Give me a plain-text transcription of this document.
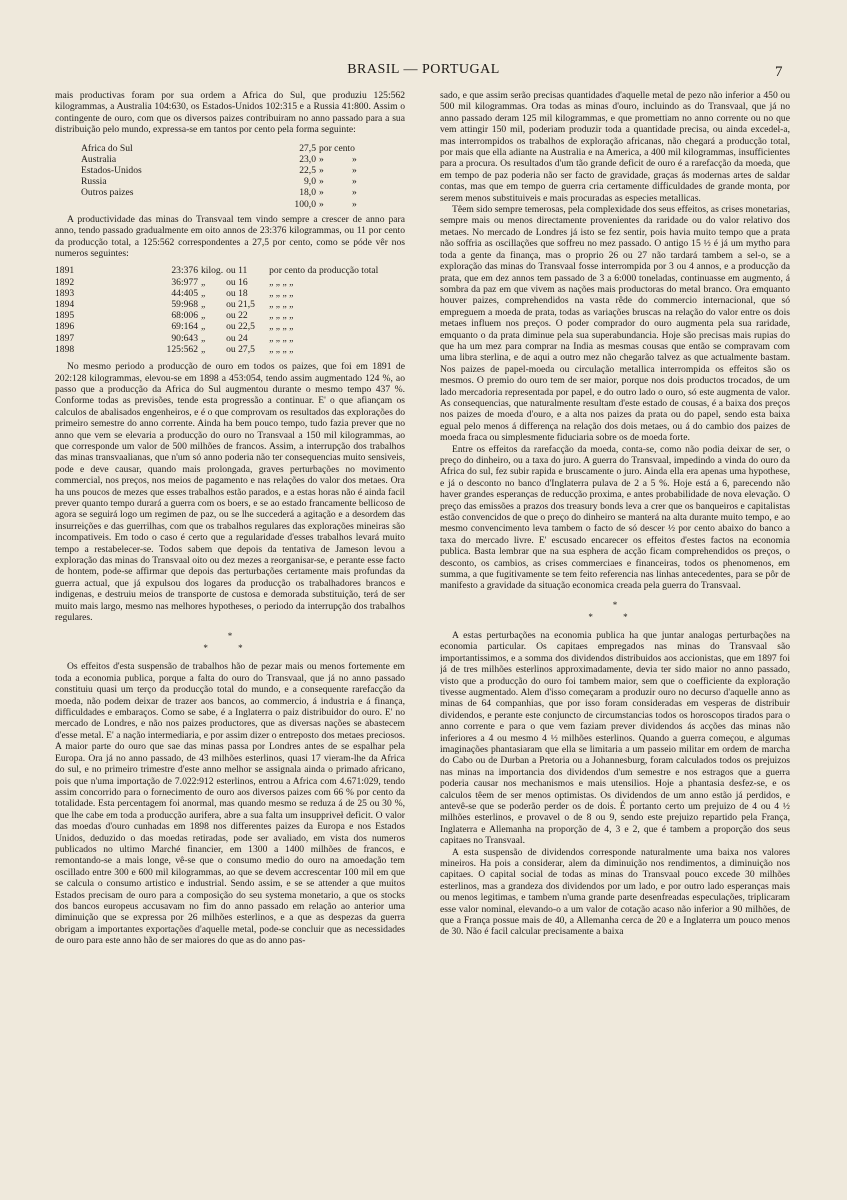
BRASIL — PORTUGAL	7

mais productivas foram por sua ordem a Africa do Sul, que produziu 125:562 kilogrammas, a Australia 104:630, os Estados-Unidos 102:315 e a Russia 41:800. Assim o contingente de ouro, com que os diversos paizes contribuiram no anno passado para a sua distribuição pelo mundo, expressa-se em tantos por cento pela forma seguinte:

Africa do Sul	27,5	por cento	
Australia	23,0	»	»
Estados-Unidos	22,5	»	»
Russia	9,0	»	»
Outros paizes	18,0	»	»
	100,0	»	»

A productividade das minas do Transvaal tem vindo sempre a crescer de anno para anno, tendo passado gradualmente em oito annos de 23:376 kilogrammas, ou 11 por cento da producção total, a 125:562 correspondentes a 27,5 por cento, como se póde vêr nos numeros seguintes:

1891	23:376	kilog.	ou 11	por cento da producção total
1892	36:977	„	ou 16	„ „ „ „
1893	44:405	„	ou 18	„ „ „ „
1894	59:968	„	ou 21,5	„ „ „ „
1895	68:006	„	ou 22	„ „ „ „
1896	69:164	„	ou 22,5	„ „ „ „
1897	90:643	„	ou 24	„ „ „ „
1898	125:562	„	ou 27,5	„ „ „ „

No mesmo periodo a producção de ouro em todos os paizes, que foi em 1891 de 202:128 kilogrammas, elevou-se em 1898 a 453:054, tendo assim augmentado 124 %, ao passo que a producção da Africa do Sul augmentou durante o mesmo tempo 437 %. Conforme todas as previsões, tende esta progressão a continuar. E' o que afiançam os calculos de abalisados engenheiros, e é o que comprovam os resultados das explorações do primeiro semestre do anno corrente. Ainda ha bem pouco tempo, tudo fazia prever que no anno que vem se elevaria a producção do ouro no Transvaal a 150 mil kilogrammas, ao que corresponde um valor de 500 milhões de francos. Assim, a interrupção dos trabalhos das minas transvaalianas, que n'um só anno poderia não ter consequencias muito sensiveis, pode e deve causar, quando mais prolongada, graves perturbações no movimento commercial, nos preços, nos meios de pagamento e nas relações do valor dos metaes. Ora ha uns poucos de mezes que esses trabalhos estão parados, e a estas horas não é ainda facil prever quanto tempo durará a guerra com os boers, e se ao estado francamente bellicoso de agora se seguirá logo um regimen de paz, ou se lhe succederá a agitação e a desordem das insurreições e das guerrilhas, com que os trabalhos regulares das explorações mineiras são incompativeis. Em todo o caso é certo que a regularidade d'esses trabalhos levará muito tempo a restabelecer-se. Todos sabem que depois da tentativa de Jameson levou a exploração das minas do Transvaal oito ou dez mezes a reorganisar-se, e perante esse facto de hontem, pode-se affirmar que depois das perturbações certamente mais profundas da guerra actual, que já expulsou dos logares da producção os trabalhadores brancos e indigenas, e destruiu meios de transporte de custosa e demorada substituição, terá de ser muito mais largo, mesmo nas melhores hypotheses, o periodo da interrupção dos trabalhos regulares.

*
* *

Os effeitos d'esta suspensão de trabalhos hão de pezar mais ou menos fortemente em toda a economia publica, porque a falta do ouro do Transvaal, que já no anno passado constituiu quasi um terço da producção total do mundo, e a consequente rarefacção da moeda, não podem deixar de trazer aos bancos, ao commercio, á industria e á finança, difficuldades e embaraços. Como se sabe, é a Inglaterra o paiz distribuidor do ouro. E' no mercado de Londres, e não nos paizes productores, que as diversas nações se abastecem d'esse metal. E' a nação intermediaria, e por assim dizer o entreposto dos metaes preciosos. A maior parte do ouro que sae das minas passa por Londres antes de se espalhar pela Europa. Ora já no anno passado, de 43 milhões esterlinos, quasi 17 vieram-lhe da Africa do sul, e no primeiro trimestre d'este anno melhor se assignala ainda o primado africano, pois que n'uma importação de 7.022:912 esterlinos, entrou a Africa com 4.671:029, tendo assim concorrido para o fornecimento de ouro aos diversos paizes com 66 % por cento da totalidade. Esta percentagem foi anormal, mas quando mesmo se reduza á de 25 ou 30 %, que lhe cabe em toda a producção aurifera, abre a sua falta um insuppriveł deficit. O valor das moedas d'ouro cunhadas em 1898 nos differentes paizes da Europa e nos Estados Unidos, deduzido o das moedas retiradas, pode ser avaliado, em vista dos numeros publicados no ultimo Marché financier, em 1300 a 1400 milhões de francos, e remontando-se a mais longe, vê-se que o consumo medio do ouro na amoedação tem oscillado entre 300 e 600 mil kilogrammas, ao que se devem accrescentar 100 mil em que se calcula o consumo artistico e industrial. Sendo assim, e se se attender a que muitos Estados precisam de ouro para a composição do seu systema monetario, a que os stocks dos bancos europeus accusavam no fim do anno passado em relação ao anterior uma diminuição que se expressa por 26 milhões esterlinos, e a que as despezas da guerra obrigam a importantes exportações d'aquelle metal, pode-se concluir que as necessidades de ouro para este anno hão de ser maiores do que as do anno pas-

sado, e que assim serão precisas quantidades d'aquelle metal de pezo não inferior a 450 ou 500 mil kilogrammas. Ora todas as minas d'ouro, incluindo as do Transvaal, que já no anno passado deram 125 mil kilogrammas, e que promettiam no anno corrente ou no que vem attingir 150 mil, poderiam produzir toda a quantidade precisa, ou ainda excedel-a, mas interrompidos os trabalhos de exploração africanas, não chegará a producção total, por mais que ella adiante na Australia e na America, a 400 mil kilogrammas, insufficientes para a procura. Os resultados d'um tão grande deficit de ouro é a rarefacção da moeda, que em tempo de paz poderia não ser facto de gravidade, graças ás modernas artes de saldar contas, mas que em tempo de guerra cria certamente difficuldades de grande monta, por serem menos substituiveis e mais procuradas as especies metallicas.

Têem sido sempre temerosas, pela complexidade dos seus effeitos, as crises monetarias, sempre mais ou menos directamente provenientes da raridade ou do valor relativo dos metaes. No mercado de Londres já isto se fez sentir, pois havia muito tempo que a prata não soffria as oscillações que soffreu no mez passado. O antigo 15 ½ é já um mytho para toda a gente da finança, mas o proprio 26 ou 27 não tardará tambem a sel-o, se a exploração das minas do Transvaal fosse interrompida por 3 ou 4 annos, e a producção da prata, que em dez annos tem passado de 3 a 6:000 toneladas, continuasse em augmento, á sombra da paz em que vivem as nações mais productoras do metal branco. Ora emquanto houver paizes, comprehendidos na vasta rêde do commercio internacional, que só empreguem a moeda de prata, todas as variações bruscas na relação do valor entre os dois metaes influem nos preços. O poder comprador do ouro augmenta pela sua raridade, emquanto o da prata diminue pela sua superabundancia. Hoje são precisas mais rupias do que ha um mez para comprar na India as mesmas cousas que então se compravam com uma libra sterlina, e de aqui a outro mez não chegarão talvez as que actualmente bastam. Nos paizes de papel-moeda ou circulação metallica interrompida os effeitos são os mesmos. O premio do ouro tem de ser maior, porque nos dois productos trocados, de um lado mercadoria representada por papel, e do outro lado o ouro, só este augmenta de valor. As consequencias, que naturalmente resultam d'este estado de cousas, é a baixa dos preços nos paizes de moeda d'ouro, e a alta nos paizes da prata ou do papel, sendo esta baixa egual pelo menos á differença na relação dos dois metaes, ou á do cambio dos paizes de moeda fraca ou simplesmente fiduciaria sobre os de moeda forte.

Entre os effeitos da rarefacção da moeda, conta-se, como não podia deixar de ser, o preço do dinheiro, ou a taxa do juro. A guerra do Transvaal, impedindo a vinda do ouro da Africa do sul, fez subir rapida e bruscamente o juro. Ainda ella era apenas uma hypothese, e já o desconto no banco d'Inglaterra pulava de 2 a 5 %. Hoje está a 6, parecendo não haver grandes esperanças de reducção proxima, e antes probabilidade de nova elevação. O preço das emissões a prazos dos treasury bonds leva a crer que os banqueiros e capitalistas estão convencidos de que o preço do dinheiro se manterá na alta durante muito tempo, e ao mesmo convencimento leva tambem o facto de só descer ½ por cento abaixo do banco a taxa do mercado livre. E' escusado encarecer os effeitos d'estes factos na economia publica. Basta lembrar que na sua esphera de acção ficam comprehendidos os preços, o desconto, os cambios, as crises commerciaes e financeiras, todos os phenomenos, em summa, a que fugitivamente se tem feito referencia nas linhas antecedentes, para se pôr de manifesto a gravidade da situação economica creada pela guerra do Transvaal.

*
* *

A estas perturbações na economia publica ha que juntar analogas perturbações na economia particular. Os capitaes empregados nas minas do Transvaal são importantissimos, e a somma dos dividendos distribuidos aos accionistas, que em 1897 foi já de tres milhões esterlinos approximadamente, devia ter sido maior no anno passado, visto que a producção do ouro foi tambem maior, sem que o coefficiente da exploração tivesse augmentado. Alem d'isso começaram a produzir ouro no decurso d'aquelle anno as minas de 64 companhias, que por isso foram consideradas em vesperas de distribuir dividendos, e perante este conjuncto de circumstancias todos os horoscopos tirados para o anno corrente e para o que vem faziam prever dividendos ás acções das minas não inferiores a 4 ou mesmo 4 ½ milhões esterlinos. Quando a guerra começou, e algumas imaginações phantasiaram que ella se limitaria a um passeio militar em ordem de marcha do Cabo ou de Durban a Pretoria ou a Johannesburg, foram calculados todos os prejuizos nas minas na importancia dos dividendos d'um semestre e nos estragos que a guerra poderia causar nos mechanismos e mais utensilios. Hoje a phantasia desfez-se, e os calculos têem de ser menos optimistas. Os dividendos de um anno estão já perdidos, e antevê-se que se poderão perder os de dois. É portanto certo um prejuizo de 4 ou 4 ½ milhões esterlinos, e provavel o de 8 ou 9, sendo este prejuizo repartido pela França, Inglaterra e Allemanha na proporção de 4, 3 e 2, que é tambem a proporção dos seus capitaes no Transvaal.

A esta suspensão de dividendos corresponde naturalmente uma baixa nos valores mineiros. Ha pois a considerar, alem da diminuição nos rendimentos, a diminuição nos capitaes. O capital social de todas as minas do Transvaal pouco excede 30 milhões esterlinos, mas a grandeza dos dividendos por um lado, e por outro lado esperanças mais ou menos legitimas, e tambem n'uma grande parte desenfreadas especulações, triplicaram esse valor nominal, elevando-o a um valor de cotação acaso não inferior a 90 milhões, de que a França possue mais de 40, a Allemanha cerca de 20 e a Inglaterra um pouco menos de 30. Não é facil calcular precisamente a baixa
